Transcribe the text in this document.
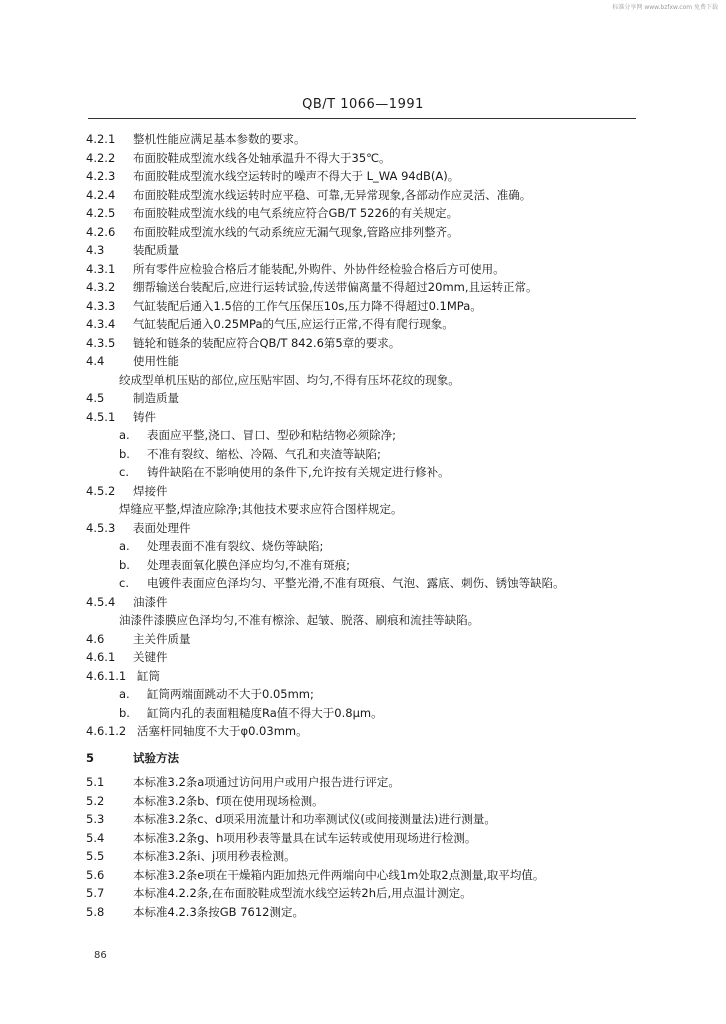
标准分享网 www.bzfxw.com 免费下载
QB/T 1066—1991
4.2.1 整机性能应满足基本参数的要求。
4.2.2 布面胶鞋成型流水线各处轴承温升不得大于35℃。
4.2.3 布面胶鞋成型流水线空运转时的噪声不得大于 L_WA 94dB(A)。
4.2.4 布面胶鞋成型流水线运转时应平稳、可靠,无异常现象,各部动作应灵活、准确。
4.2.5 布面胶鞋成型流水线的电气系统应符合GB/T 5226的有关规定。
4.2.6 布面胶鞋成型流水线的气动系统应无漏气现象,管路应排列整齐。
4.3 装配质量
4.3.1 所有零件应检验合格后才能装配,外购件、外协件经检验合格后方可使用。
4.3.2 绷帮输送台装配后,应进行运转试验,传送带偏离量不得超过20mm,且运转正常。
4.3.3 气缸装配后通入1.5倍的工作气压保压10s,压力降不得超过0.1MPa。
4.3.4 气缸装配后通入0.25MPa的气压,应运行正常,不得有爬行现象。
4.3.5 链轮和链条的装配应符合QB/T 842.6第5章的要求。
4.4 使用性能
绞成型单机压贴的部位,应压贴牢固、均匀,不得有压坏花纹的现象。
4.5 制造质量
4.5.1 铸件
a. 表面应平整,浇口、冒口、型砂和粘结物必须除净;
b. 不准有裂纹、缩松、冷隔、气孔和夹渣等缺陷;
c. 铸件缺陷在不影响使用的条件下,允许按有关规定进行修补。
4.5.2 焊接件
焊缝应平整,焊渣应除净;其他技术要求应符合图样规定。
4.5.3 表面处理件
a. 处理表面不准有裂纹、烧伤等缺陷;
b. 处理表面氧化膜色泽应均匀,不准有斑痕;
c. 电镀件表面应色泽均匀、平整光滑,不准有斑痕、气泡、露底、刺伤、锈蚀等缺陷。
4.5.4 油漆件
油漆件漆膜应色泽均匀,不准有檫涂、起皱、脱落、刷痕和流挂等缺陷。
4.6 主关件质量
4.6.1 关键件
4.6.1.1 缸筒
a. 缸筒两端面跳动不大于0.05mm;
b. 缸筒内孔的表面粗糙度Ra值不得大于0.8μm。
4.6.1.2 活塞杆同轴度不大于φ0.03mm。
5	试验方法
5.1 本标准3.2条a项通过访问用户或用户报告进行评定。
5.2 本标准3.2条b、f项在使用现场检测。
5.3 本标准3.2条c、d项采用流量计和功率测试仪(或间接测量法)进行测量。
5.4 本标准3.2条g、h项用秒表等量具在试车运转或使用现场进行检测。
5.5 本标准3.2条i、j项用秒表检测。
5.6 本标准3.2条e项在干燥箱内距加热元件两端向中心线1m处取2点测量,取平均值。
5.7 本标准4.2.2条,在布面胶鞋成型流水线空运转2h后,用点温计测定。
5.8 本标准4.2.3条按GB 7612测定。
86
